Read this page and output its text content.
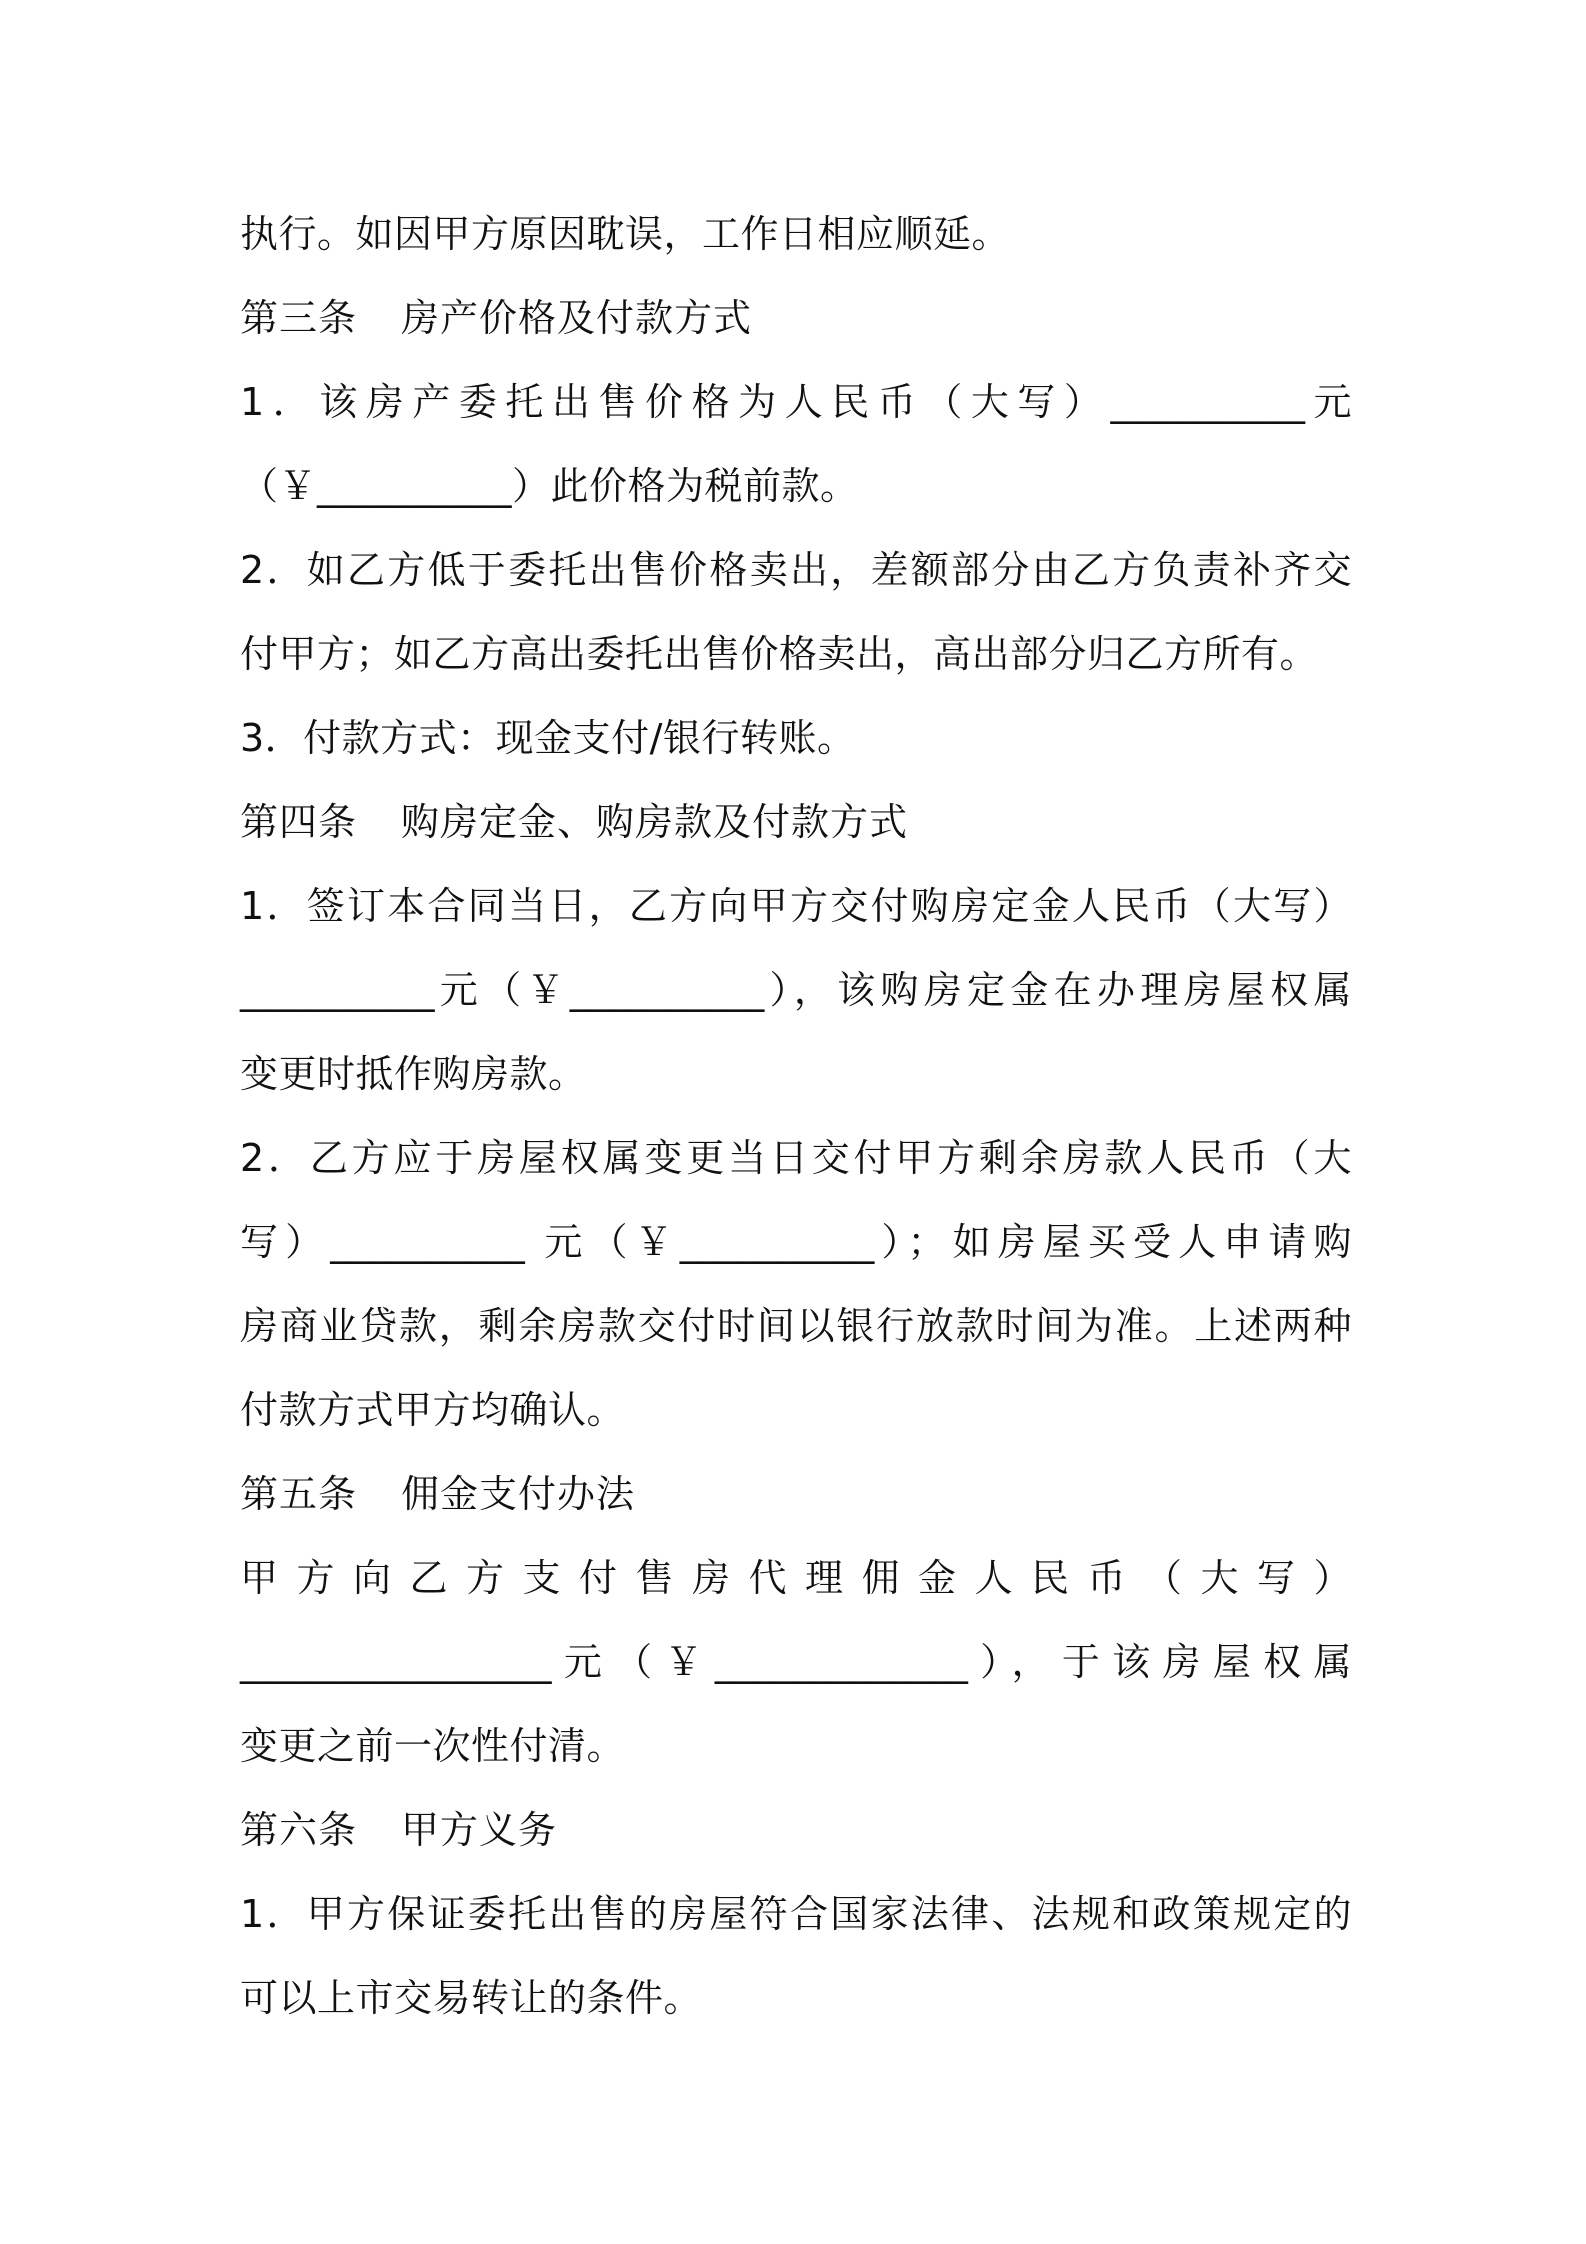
执行。如因甲方原因耽误，工作日相应顺延。
第三条 房产价格及付款方式
1．该房产委托出售价格为人民币（大写）__________元
（￥__________）此价格为税前款。
2．如乙方低于委托出售价格卖出，差额部分由乙方负责补齐交
付甲方；如乙方高出委托出售价格卖出，高出部分归乙方所有。
3．付款方式：现金支付/银行转账。
第四条 购房定金、购房款及付款方式
1．签订本合同当日，乙方向甲方交付购房定金人民币（大写）
__________元（￥__________），该购房定金在办理房屋权属
变更时抵作购房款。
2．乙方应于房屋权属变更当日交付甲方剩余房款人民币（大
写）__________ 元（￥__________）；如房屋买受人申请购
房商业贷款，剩余房款交付时间以银行放款时间为准。上述两种
付款方式甲方均确认。
第五条 佣金支付办法
甲方向乙方支付售房代理佣金人民币（大写）
________________元（￥_____________），于该房屋权属
变更之前一次性付清。
第六条 甲方义务
1．甲方保证委托出售的房屋符合国家法律、法规和政策规定的
可以上市交易转让的条件。
